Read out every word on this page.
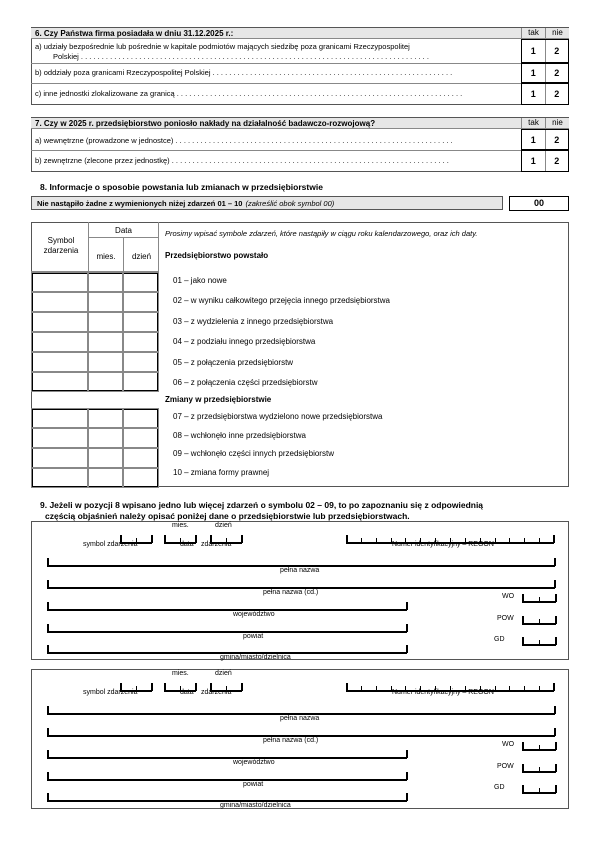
6. Czy Państwa firma posiadała w dniu 31.12.2025 r.:	tak	nie
a) udziały bezpośrednie lub pośrednie w kapitale podmiotów mających siedzibę poza granicami Rzeczypospolitej
Polskiej . . . . . . . . . . . . . . . . . . . . . . . . . . . . . . . . . . . . . . . . . . . . . . . . . . . . . . . . . . . . . . . . . . . . . . . . . . . . . . . . . . . .
1	2
b) oddziały poza granicami Rzeczypospolitej Polskiej . . . . . . . . . . . . . . . . . . . . . . . . . . . . . . . . . . . . . . . . . . . . . . . . . . . . . . . . . .	1	2
c) inne jednostki zlokalizowane za granicą . . . . . . . . . . . . . . . . . . . . . . . . . . . . . . . . . . . . . . . . . . . . . . . . . . . . . . . . . . . . . . . . . . . . .	1	2
7. Czy w 2025 r. przedsiębiorstwo poniosło nakłady na działalność badawczo-rozwojową?	tak	nie
a) wewnętrzne (prowadzone w jednostce) . . . . . . . . . . . . . . . . . . . . . . . . . . . . . . . . . . . . . . . . . . . . . . . . . . . . . . . . . . . . . . . . . . .	1	2
b) zewnętrzne (zlecone przez jednostkę) . . . . . . . . . . . . . . . . . . . . . . . . . . . . . . . . . . . . . . . . . . . . . . . . . . . . . . . . . . . . . . . . . . .	1	2
8. Informacje o sposobie powstania lub zmianach w przedsiębiorstwie
Nie nastąpiło żadne z wymienionych niżej zdarzeń 01 – 10 (zakreślić obok symbol 00)	00
Symbol zdarzenia
Data
mies.	dzień
Prosimy wpisać symbole zdarzeń, które nastąpiły w ciągu roku kalendarzowego, oraz ich daty.
Przedsiębiorstwo powstało
01 – jako nowe
02 – w wyniku całkowitego przejęcia innego przedsiębiorstwa
03 – z wydzielenia z innego przedsiębiorstwa
04 – z podziału innego przedsiębiorstwa
05 – z połączenia przedsiębiorstw
06 – z połączenia części przedsiębiorstw
Zmiany w przedsiębiorstwie
07 – z przedsiębiorstwa wydzielono nowe przedsiębiorstwa
08 – wchłonęło inne przedsiębiorstwa
09 – wchłonęło części innych przedsiębiorstw
10 – zmiana formy prawnej
9. Jeżeli w pozycji 8 wpisano jedno lub więcej zdarzeń o symbolu 02 – 09, to po zapoznaniu się z odpowiednią
częścią objaśnień należy opisać poniżej dane o przedsiębiorstwie lub przedsiębiorstwach.
mies.	dzień
symbol zdarzenia	data zdarzenia	Numer identyfikacyjny – REGON
pełna nazwa
pełna nazwa (cd.)
województwo
WO
powiat
POW
gmina/miasto/dzielnica
GD
mies.	dzień
symbol zdarzenia	data zdarzenia	Numer identyfikacyjny – REGON
pełna nazwa
pełna nazwa (cd.)
województwo
WO
powiat
POW
gmina/miasto/dzielnica
GD
